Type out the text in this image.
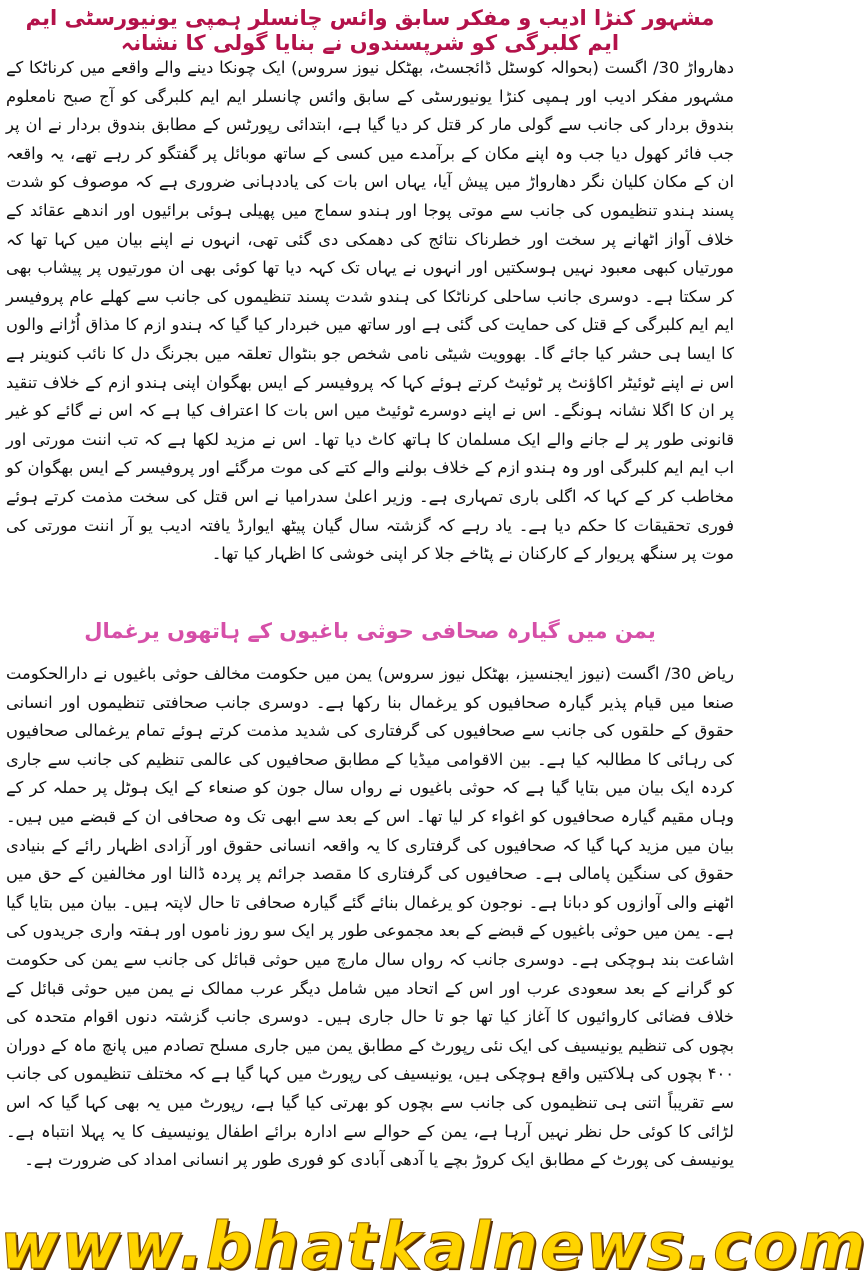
مشہور کنڑا ادیب و مفکر سابق وائس چانسلر ہمپی یونیورسٹی ایم ایم کلبرگی کو شرپسندوں نے بنایا گولی کا نشانہ

دھارواڑ 30/ اگست (بحوالہ کوسٹل ڈائجسٹ، بھٹکل نیوز سروس) ایک چونکا دینے والے واقعے میں کرناٹکا کے مشہور مفکر ادیب اور ہمپی کنڑا یونیورسٹی کے سابق وائس چانسلر ایم ایم کلبرگی کو آج صبح نامعلوم بندوق بردار کی جانب سے گولی مار کر قتل کر دیا گیا ہے، ابتدائی رپورٹس کے مطابق بندوق بردار نے ان پر جب فائر کھول دیا جب وہ اپنے مکان کے برآمدے میں کسی کے ساتھ موبائل پر گفتگو کر رہے تھے، یہ واقعہ ان کے مکان کلیان نگر دھارواڑ میں پیش آیا، یہاں اس بات کی یاددہانی ضروری ہے کہ موصوف کو شدت پسند ہندو تنظیموں کی جانب سے موتی پوجا اور ہندو سماج میں پھیلی ہوئی برائیوں اور اندھے عقائد کے خلاف آواز اٹھانے پر سخت اور خطرناک نتائج کی دھمکی دی گئی تھی، انہوں نے اپنے بیان میں کہا تھا کہ مورتیاں کبھی معبود نہیں ہوسکتیں اور انہوں نے یہاں تک کہہ دیا تھا کوئی بھی ان مورتیوں پر پیشاب بھی کر سکتا ہے۔ دوسری جانب ساحلی کرناٹکا کی ہندو شدت پسند تنظیموں کی جانب سے کھلے عام پروفیسر ایم ایم کلبرگی کے قتل کی حمایت کی گئی ہے اور ساتھ میں خبردار کیا گیا کہ ہندو ازم کا مذاق اُڑانے والوں کا ایسا ہی حشر کیا جائے گا۔ بھوویت شیٹی نامی شخص جو بنٹوال تعلقہ میں بجرنگ دل کا نائب کنوینر ہے اس نے اپنے ٹوئیٹر اکاؤنٹ پر ٹوئیٹ کرتے ہوئے کہا کہ پروفیسر کے ایس بھگوان اپنی ہندو ازم کے خلاف تنقید پر ان کا اگلا نشانہ ہونگے۔ اس نے اپنے دوسرے ٹوئیٹ میں اس بات کا اعتراف کیا ہے کہ اس نے گائے کو غیر قانونی طور پر لے جانے والے ایک مسلمان کا ہاتھ کاٹ دیا تھا۔ اس نے مزید لکھا ہے کہ تب اننت مورتی اور اب ایم ایم کلبرگی اور وہ ہندو ازم کے خلاف بولنے والے کتے کی موت مرگئے اور پروفیسر کے ایس بھگوان کو مخاطب کر کے کہا کہ اگلی باری تمہاری ہے۔ وزیر اعلیٰ سدرامیا نے اس قتل کی سخت مذمت کرتے ہوئے فوری تحقیقات کا حکم دیا ہے۔ یاد رہے کہ گزشتہ سال گیان پیٹھ ایوارڈ یافتہ ادیب یو آر اننت مورتی کی موت پر سنگھ پریوار کے کارکنان نے پٹاخے جلا کر اپنی خوشی کا اظہار کیا تھا۔

یمن میں گیارہ صحافی حوثی باغیوں کے ہاتھوں یرغمال

ریاض 30/ اگست (نیوز ایجنسیز، بھٹکل نیوز سروس) یمن میں حکومت مخالف حوثی باغیوں نے دارالحکومت صنعا میں قیام پذیر گیارہ صحافیوں کو یرغمال بنا رکھا ہے۔ دوسری جانب صحافتی تنظیموں اور انسانی حقوق کے حلقوں کی جانب سے صحافیوں کی گرفتاری کی شدید مذمت کرتے ہوئے تمام یرغمالی صحافیوں کی رہائی کا مطالبہ کیا ہے۔ بین الاقوامی میڈیا کے مطابق صحافیوں کی عالمی تنظیم کی جانب سے جاری کردہ ایک بیان میں بتایا گیا ہے کہ حوثی باغیوں نے رواں سال جون کو صنعاء کے ایک ہوٹل پر حملہ کر کے وہاں مقیم گیارہ صحافیوں کو اغواء کر لیا تھا۔ اس کے بعد سے ابھی تک وہ صحافی ان کے قبضے میں ہیں۔ بیان میں مزید کہا گیا کہ صحافیوں کی گرفتاری کا یہ واقعہ انسانی حقوق اور آزادی اظہار رائے کے بنیادی حقوق کی سنگین پامالی ہے۔ صحافیوں کی گرفتاری کا مقصد جرائم پر پردہ ڈالنا اور مخالفین کے حق میں اٹھنے والی آوازوں کو دبانا ہے۔ نوجون کو یرغمال بنائے گئے گیارہ صحافی تا حال لاپتہ ہیں۔ بیان میں بتایا گیا ہے۔ یمن میں حوثی باغیوں کے قبضے کے بعد مجموعی طور پر ایک سو روز ناموں اور ہفتہ واری جریدوں کی اشاعت بند ہوچکی ہے۔ دوسری جانب کہ رواں سال مارچ میں حوثی قبائل کی جانب سے یمن کی حکومت کو گرانے کے بعد سعودی عرب اور اس کے اتحاد میں شامل دیگر عرب ممالک نے یمن میں حوثی قبائل کے خلاف فضائی کاروائیوں کا آغاز کیا تھا جو تا حال جاری ہیں۔ دوسری جانب گزشتہ دنوں اقوام متحدہ کی بچوں کی تنظیم یونیسیف کی ایک نئی رپورٹ کے مطابق یمن میں جاری مسلح تصادم میں پانچ ماہ کے دوران ۴۰۰ بچوں کی ہلاکتیں واقع ہوچکی ہیں، یونیسیف کی رپورٹ میں کہا گیا ہے کہ مختلف تنظیموں کی جانب سے تقریباً اتنی ہی تنظیموں کی جانب سے بچوں کو بھرتی کیا گیا ہے، رپورٹ میں یہ بھی کہا گیا کہ اس لڑائی کا کوئی حل نظر نہیں آرہا ہے، یمن کے حوالے سے ادارہ برائے اطفال یونیسیف کا یہ پہلا انتباہ ہے۔ یونیسف کی پورٹ کے مطابق ایک کروڑ بچے یا آدھی آبادی کو فوری طور پر انسانی امداد کی ضرورت ہے۔

www.bhatkalnews.com
